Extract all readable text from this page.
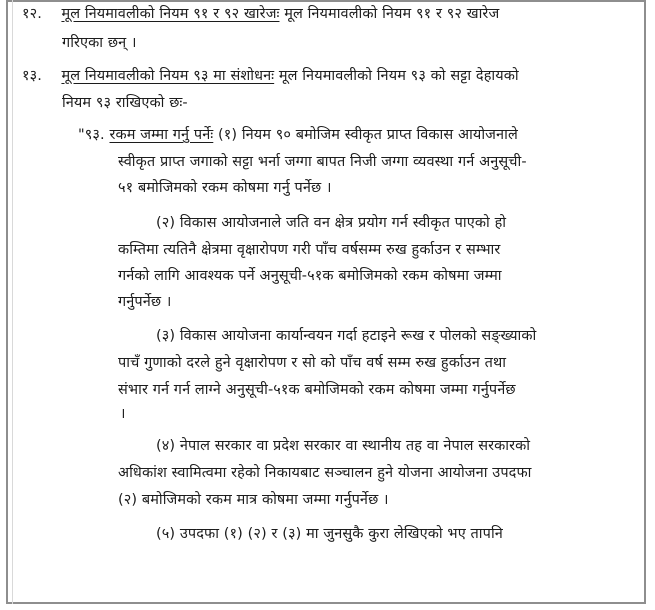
१२. मूल नियमावलीको नियम ९१ र ९२ खारेजः मूल नियमावलीको नियम ९१ र ९२ खारेज
गरिएका छन् ।
१३. मूल नियमावलीको नियम ९३ मा संशोधनः मूल नियमावलीको नियम ९३ को सट्टा देहायको
नियम ९३ राखिएको छः-
"९३. रकम जम्मा गर्नु पर्नेः (१) नियम ९० बमोजिम स्वीकृत प्राप्त विकास आयोजनाले
स्वीकृत प्राप्त जगाको सट्टा भर्ना जग्गा बापत निजी जग्गा व्यवस्था गर्न अनुसूची-
५१ बमोजिमको रकम कोषमा गर्नु पर्नेछ ।
(२) विकास आयोजनाले जति वन क्षेत्र प्रयोग गर्न स्वीकृत पाएको हो
कम्तिमा त्यतिनै क्षेत्रमा वृक्षारोपण गरी पाँच वर्षसम्म रुख हुर्काउन र सम्भार
गर्नको लागि आवश्यक पर्ने अनुसूची-५१क बमोजिमको रकम कोषमा जम्मा
गर्नुपर्नेछ ।
(३) विकास आयोजना कार्यान्वयन गर्दा हटाइने रूख र पोलको सङ्ख्याको
पाचँ गुणाको दरले हुने वृक्षारोपण र सो को पाँच वर्ष सम्म रुख हुर्काउन तथा
संभार गर्न गर्न लाग्ने अनुसूची-५१क बमोजिमको रकम कोषमा जम्मा गर्नुपर्नेछ
।
(४) नेपाल सरकार वा प्रदेश सरकार वा स्थानीय तह वा नेपाल सरकारको
अधिकांश स्वामित्वमा रहेको निकायबाट सञ्चालन हुने योजना आयोजना उपदफा
(२) बमोजिमको रकम मात्र कोषमा जम्मा गर्नुपर्नेछ ।
(५) उपदफा (१) (२) र (३) मा जुनसुकै कुरा लेखिएको भए तापनि
